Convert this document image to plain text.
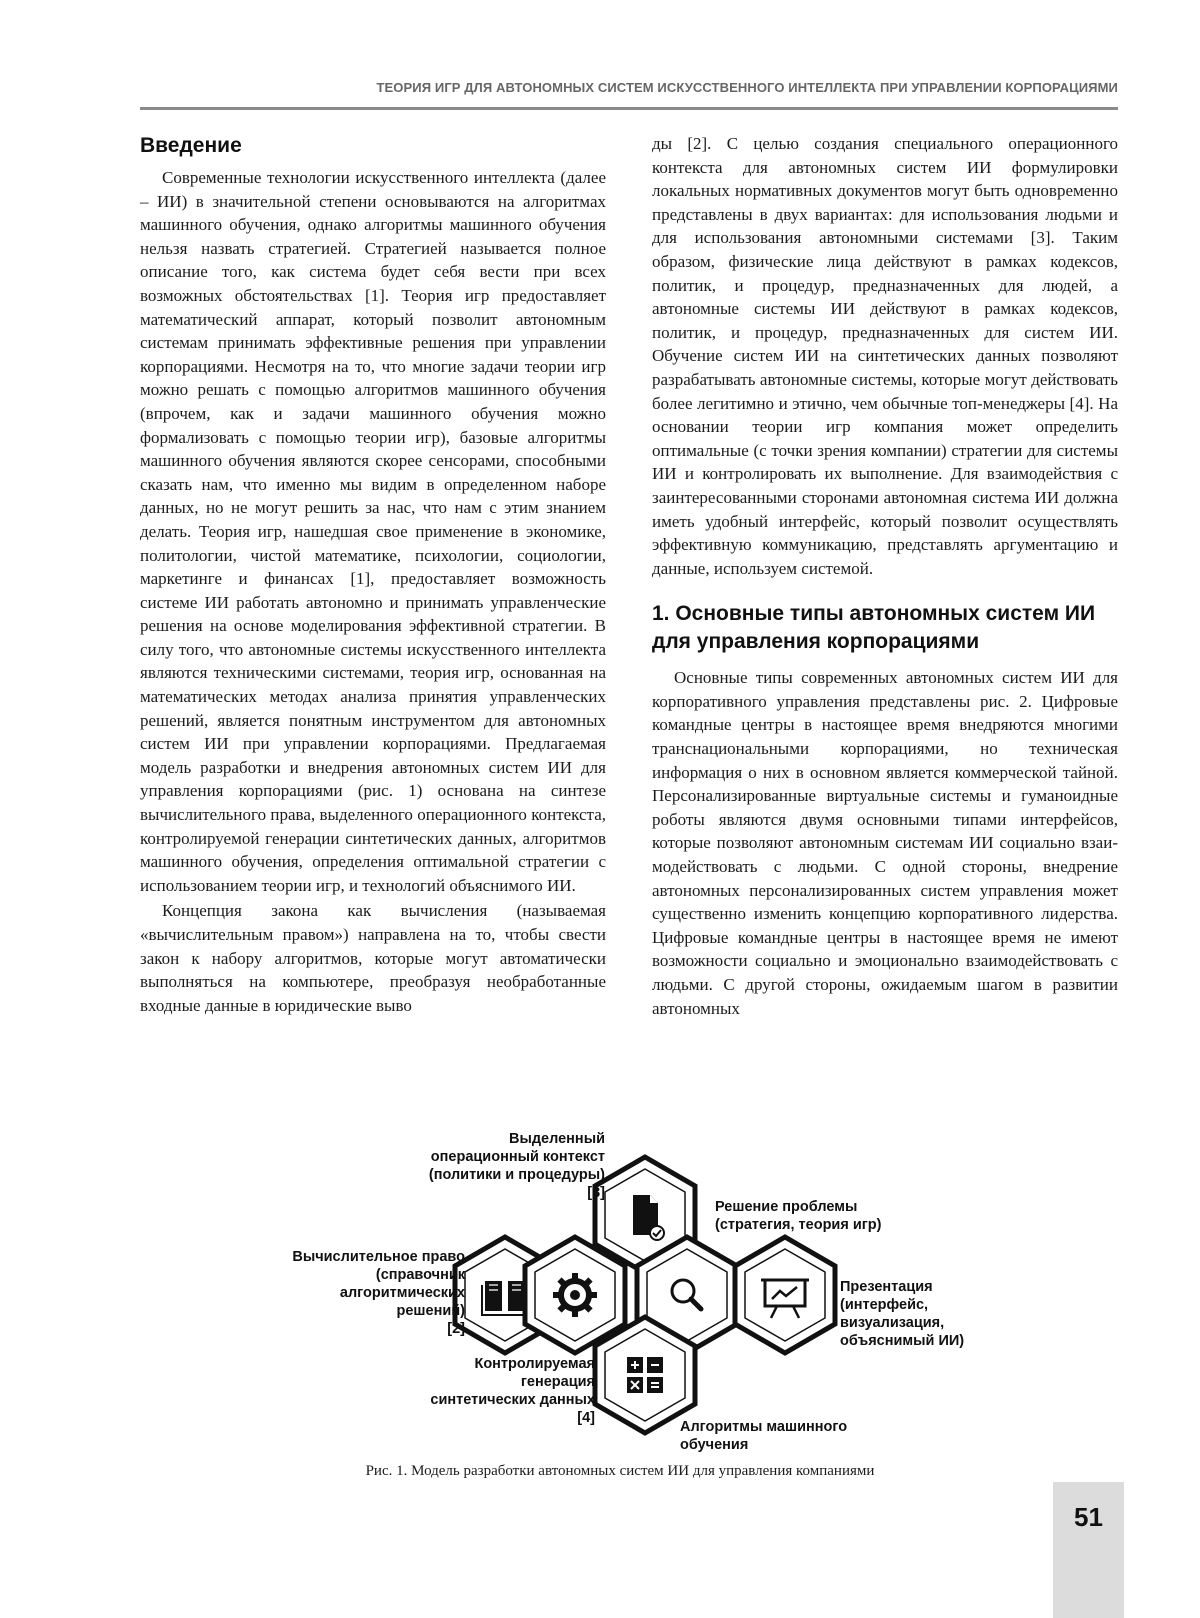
ТЕОРИЯ ИГР ДЛЯ АВТОНОМНЫХ СИСТЕМ ИСКУССТВЕННОГО ИНТЕЛЛЕКТА ПРИ УПРАВЛЕНИИ КОРПОРАЦИЯМИ
Введение

Современные технологии искусственного интеллекта (далее – ИИ) в значительной степени основываются на алгоритмах машинного обучения, однако алгоритмы машинного обучения нельзя назвать стратегией. Стратегией называется полное описание того, как система будет себя вести при всех возможных обстоятельствах [1]. Теория игр предоставляет математический аппарат, который позволит автономным системам принимать эффективные решения при управлении корпорациями. Несмотря на то, что многие задачи теории игр можно решать с помощью алгоритмов машинного обучения (впрочем, как и задачи машинного обучения можно формализовать с помощью теории игр), базовые алгоритмы машинного обучения являются скорее сенсорами, способными сказать нам, что именно мы видим в определенном наборе данных, но не могут решить за нас, что нам с этим знанием делать. Теория игр, нашедшая свое применение в экономике, политологии, чистой математике, психологии, социологии, маркетинге и финансах [1], предоставляет возможность системе ИИ работать автономно и принимать управленческие решения на основе моделирования эффективной стратегии. В силу того, что автономные системы искусственного интеллекта являются техническими системами, теория игр, основанная на математических методах анализа принятия управленческих решений, является понятным инструментом для автономных систем ИИ при управлении корпорациями. Предлагаемая модель разработки и внедрения автономных систем ИИ для управления корпорациями (рис. 1) основана на синтезе вычислительного права, выделенного операционного контекста, контролируемой генерации синтетических данных, алгоритмов машинного обучения, определения оптимальной стратегии с использованием теории игр, и технологий объяснимого ИИ.

Концепция закона как вычисления (называемая «вычислительным правом») направлена на то, чтобы свести закон к набору алгоритмов, которые могут автоматически выполняться на компьютере, преобразуя необработанные входные данные в юридические выво

ды [2]. С целью создания специального операционного контекста для автономных систем ИИ формулировки локальных нормативных документов могут быть одновременно представлены в двух вариантах: для использования людьми и для использования автономными системами [3]. Таким образом, физические лица действуют в рамках кодексов, политик, и процедур, предназначенных для людей, а автономные системы ИИ действуют в рамках кодексов, политик, и процедур, предназначенных для систем ИИ. Обучение систем ИИ на синтетических данных позволяют разрабатывать автономные системы, которые могут действовать более легитимно и этично, чем обычные топ-менеджеры [4]. На основании теории игр компания может определить оптимальные (с точки зрения компании) стратегии для системы ИИ и контролировать их выполнение. Для взаимодействия с заинтересованными сторонами автономная система ИИ должна иметь удобный интерфейс, который позволит осуществлять эффективную коммуникацию, представлять аргументацию и данные, используем системой.

1. Основные типы автономных систем ИИ для управления корпорациями

Основные типы современных автономных систем ИИ для корпоративного управления представлены рис. 2. Цифровые командные центры в настоящее время внедряются многими транснациональными корпорациями, но техническая информация о них в основном является коммерческой тайной. Персонализированные виртуальные системы и гуманоидные роботы являются двумя основными типами интерфейсов, которые позволяют автономным системам ИИ социально взаимодействовать с людьми. С одной стороны, внедрение автономных персонализированных систем управления может существенно изменить концепцию корпоративного лидерства. Цифровые командные центры в настоящее время не имеют возможности социально и эмоционально взаимодействовать с людьми. С другой стороны, ожидаемым шагом в развитии автономных

Выделенный
операционный контекст
(политики и процедуры)
[3]
Решение проблемы
(стратегия, теория игр)
Вычислительное право
(справочник
алгоритмических
решений)
[2]
Презентация
(интерфейс,
визуализация,
объяснимый ИИ)
Контролируемая
генерация
синтетических данных
[4]
Алгоритмы машинного
обучения
Рис. 1. Модель разработки автономных систем ИИ для управления компаниями
51
